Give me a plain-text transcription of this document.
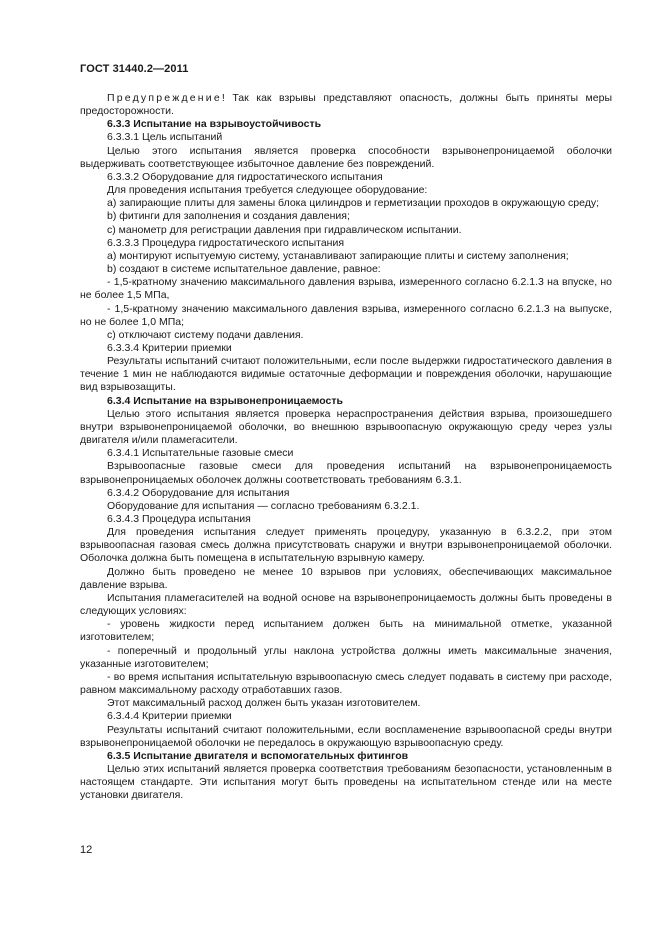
ГОСТ 31440.2—2011

Предупреждение! Так как взрывы представляют опасность, должны быть приняты меры предосторожности.

6.3.3 Испытание на взрывоустойчивость

6.3.3.1 Цель испытаний

Целью этого испытания является проверка способности взрывонепроницаемой оболочки выдерживать соответствующее избыточное давление без повреждений.

6.3.3.2 Оборудование для гидростатического испытания

Для проведения испытания требуется следующее оборудование:

a) запирающие плиты для замены блока цилиндров и герметизации проходов в окружающую среду;

b) фитинги для заполнения и создания давления;

c) манометр для регистрации давления при гидравлическом испытании.

6.3.3.3 Процедура гидростатического испытания

a) монтируют испытуемую систему, устанавливают запирающие плиты и систему заполнения;

b) создают в системе испытательное давление, равное:

- 1,5-кратному значению максимального давления взрыва, измеренного согласно 6.2.1.3 на впуске, но не более 1,5 МПа,

- 1,5-кратному значению максимального давления взрыва, измеренного согласно 6.2.1.3 на выпуске, но не более 1,0 МПа;

c) отключают систему подачи давления.

6.3.3.4 Критерии приемки

Результаты испытаний считают положительными, если после выдержки гидростатического давления в течение 1 мин не наблюдаются видимые остаточные деформации и повреждения оболочки, нарушающие вид взрывозащиты.

6.3.4 Испытание на взрывонепроницаемость

Целью этого испытания является проверка нераспространения действия взрыва, произошедшего внутри взрывонепроницаемой оболочки, во внешнюю взрывоопасную окружающую среду через узлы двигателя и/или пламегасители.

6.3.4.1 Испытательные газовые смеси

Взрывоопасные газовые смеси для проведения испытаний на взрывонепроницаемость взрывонепроницаемых оболочек должны соответствовать требованиям 6.3.1.

6.3.4.2 Оборудование для испытания

Оборудование для испытания — согласно требованиям 6.3.2.1.

6.3.4.3 Процедура испытания

Для проведения испытания следует применять процедуру, указанную в 6.3.2.2, при этом взрывоопасная газовая смесь должна присутствовать снаружи и внутри взрывонепроницаемой оболочки. Оболочка должна быть помещена в испытательную взрывную камеру.

Должно быть проведено не менее 10 взрывов при условиях, обеспечивающих максимальное давление взрыва.

Испытания пламегасителей на водной основе на взрывонепроницаемость должны быть проведены в следующих условиях:

- уровень жидкости перед испытанием должен быть на минимальной отметке, указанной изготовителем;

- поперечный и продольный углы наклона устройства должны иметь максимальные значения, указанные изготовителем;

- во время испытания испытательную взрывоопасную смесь следует подавать в систему при расходе, равном максимальному расходу отработавших газов.

Этот максимальный расход должен быть указан изготовителем.

6.3.4.4 Критерии приемки

Результаты испытаний считают положительными, если воспламенение взрывоопасной среды внутри взрывонепроницаемой оболочки не передалось в окружающую взрывоопасную среду.

6.3.5 Испытание двигателя и вспомогательных фитингов

Целью этих испытаний является проверка соответствия требованиям безопасности, установленным в настоящем стандарте. Эти испытания могут быть проведены на испытательном стенде или на месте установки двигателя.

12
